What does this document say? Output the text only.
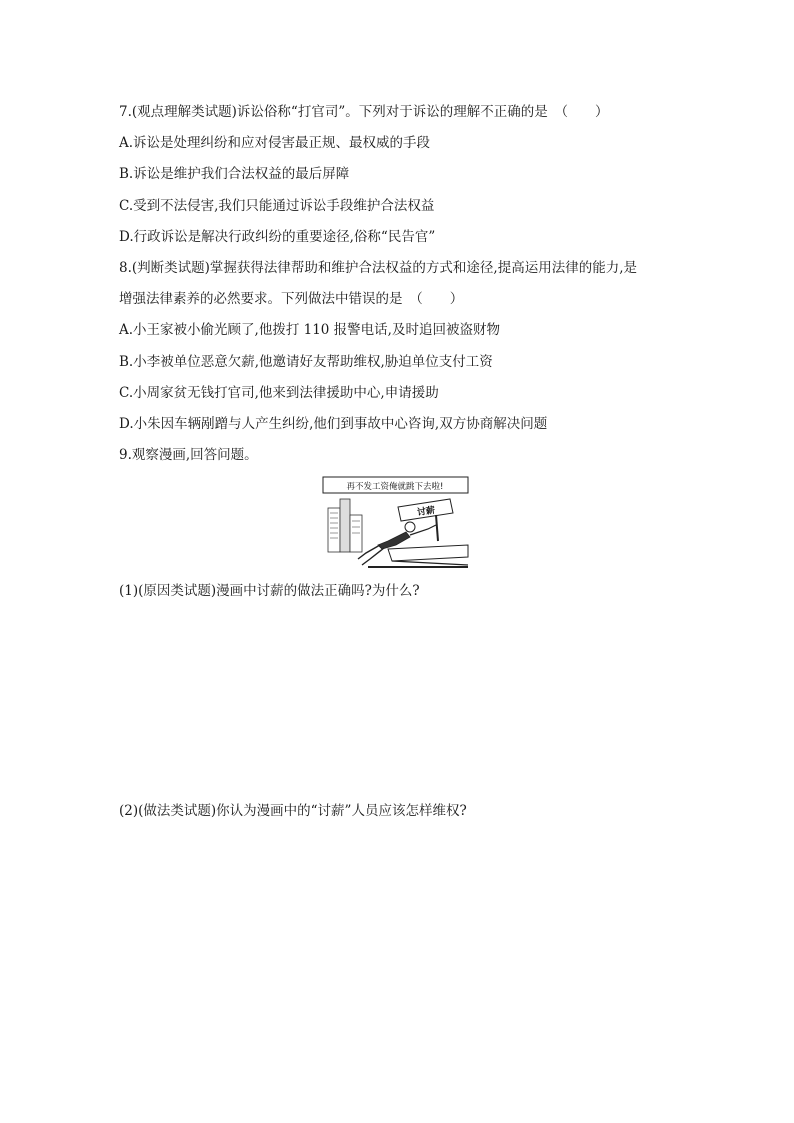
7.(观点理解类试题)诉讼俗称“打官司”。下列对于诉讼的理解不正确的是　（　　）
A.诉讼是处理纠纷和应对侵害最正规、最权威的手段
B.诉讼是维护我们合法权益的最后屏障
C.受到不法侵害,我们只能通过诉讼手段维护合法权益
D.行政诉讼是解决行政纠纷的重要途径,俗称“民告官”
8.(判断类试题)掌握获得法律帮助和维护合法权益的方式和途径,提高运用法律的能力,是
增强法律素养的必然要求。下列做法中错误的是　（　　）
A.小王家被小偷光顾了,他拨打 110 报警电话,及时追回被盗财物
B.小李被单位恶意欠薪,他邀请好友帮助维权,胁迫单位支付工资
C.小周家贫无钱打官司,他来到法律援助中心,申请援助
D.小朱因车辆剐蹭与人产生纠纷,他们到事故中心咨询,双方协商解决问题
9.观察漫画,回答问题。
再不发工资俺就跳下去啦!
讨薪
(1)(原因类试题)漫画中讨薪的做法正确吗?为什么?
(2)(做法类试题)你认为漫画中的“讨薪”人员应该怎样维权?
